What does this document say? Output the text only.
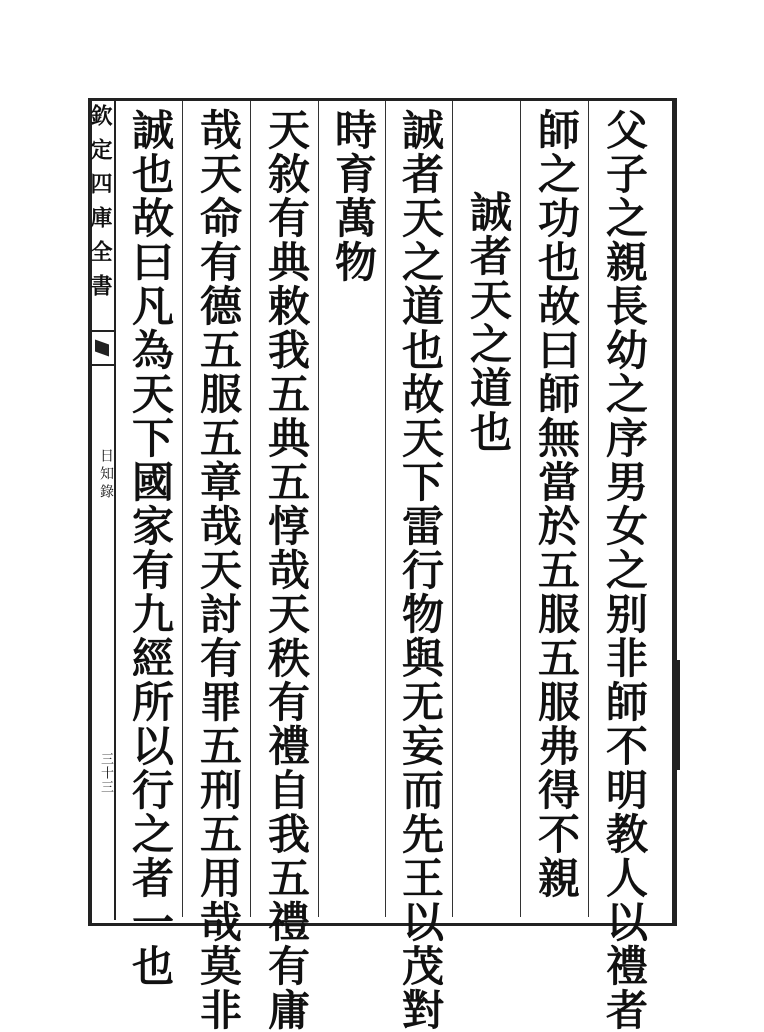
欽定四庫全書
日知錄
三十三	父子之親長幼之序男女之别非師不明教人以禮者
師之功也故曰師無當於五服五服弗得不親
誠者天之道也
誠者天之道也故天下雷行物與无妄而先王以茂對
時育萬物
天敘有典敕我五典五惇哉天秩有禮自我五禮有庸
哉天命有德五服五章哉天討有罪五刑五用哉莫非
誠也故曰凡為天下國家有九經所以行之者一也
